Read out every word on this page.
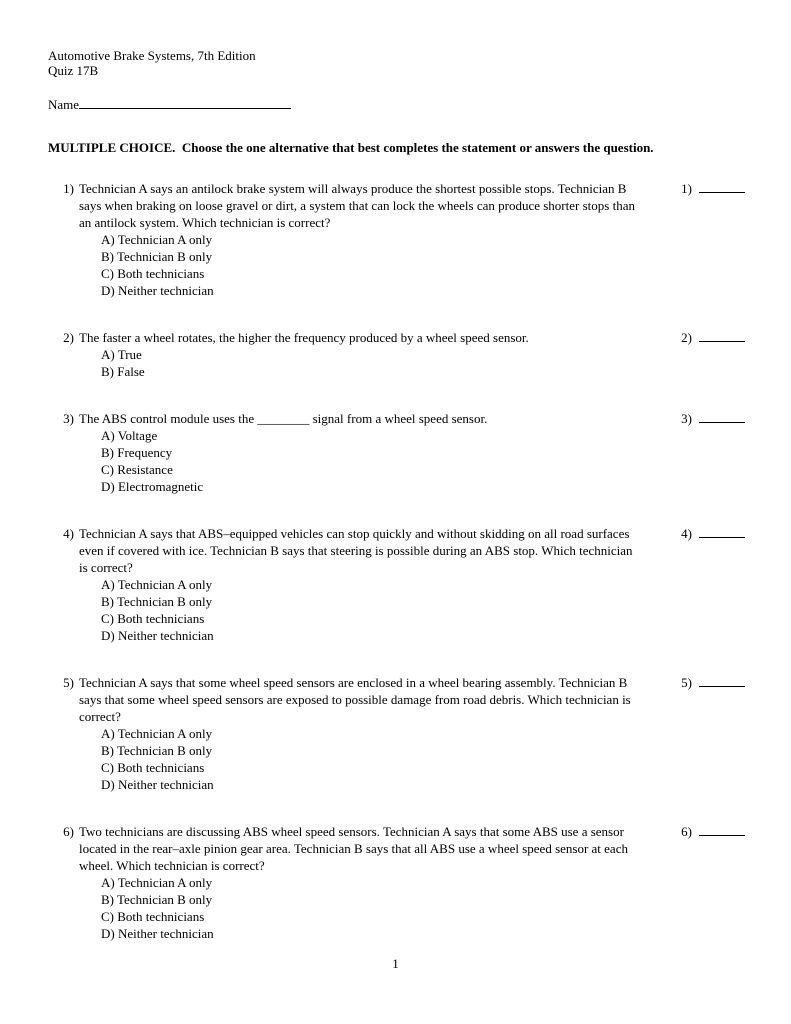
Automotive Brake Systems, 7th Edition
Quiz 17B
Name
MULTIPLE CHOICE.  Choose the one alternative that best completes the statement or answers the question.
1) Technician A says an antilock brake system will always produce the shortest possible stops. Technician B says when braking on loose gravel or dirt, a system that can lock the wheels can produce shorter stops than an antilock system. Which technician is correct?

A) Technician A only
B) Technician B only
C) Both technicians
D) Neither technician
1)
2) The faster a wheel rotates, the higher the frequency produced by a wheel speed sensor.

A) True
B) False
2)
3) The ABS control module uses the ________ signal from a wheel speed sensor.

A) Voltage
B) Frequency
C) Resistance
D) Electromagnetic
3)
4) Technician A says that ABS–equipped vehicles can stop quickly and without skidding on all road surfaces even if covered with ice. Technician B says that steering is possible during an ABS stop. Which technician is correct?

A) Technician A only
B) Technician B only
C) Both technicians
D) Neither technician
4)
5) Technician A says that some wheel speed sensors are enclosed in a wheel bearing assembly. Technician B says that some wheel speed sensors are exposed to possible damage from road debris. Which technician is correct?

A) Technician A only
B) Technician B only
C) Both technicians
D) Neither technician
5)
6) Two technicians are discussing ABS wheel speed sensors. Technician A says that some ABS use a sensor located in the rear–axle pinion gear area. Technician B says that all ABS use a wheel speed sensor at each wheel. Which technician is correct?

A) Technician A only
B) Technician B only
C) Both technicians
D) Neither technician
6)
1
